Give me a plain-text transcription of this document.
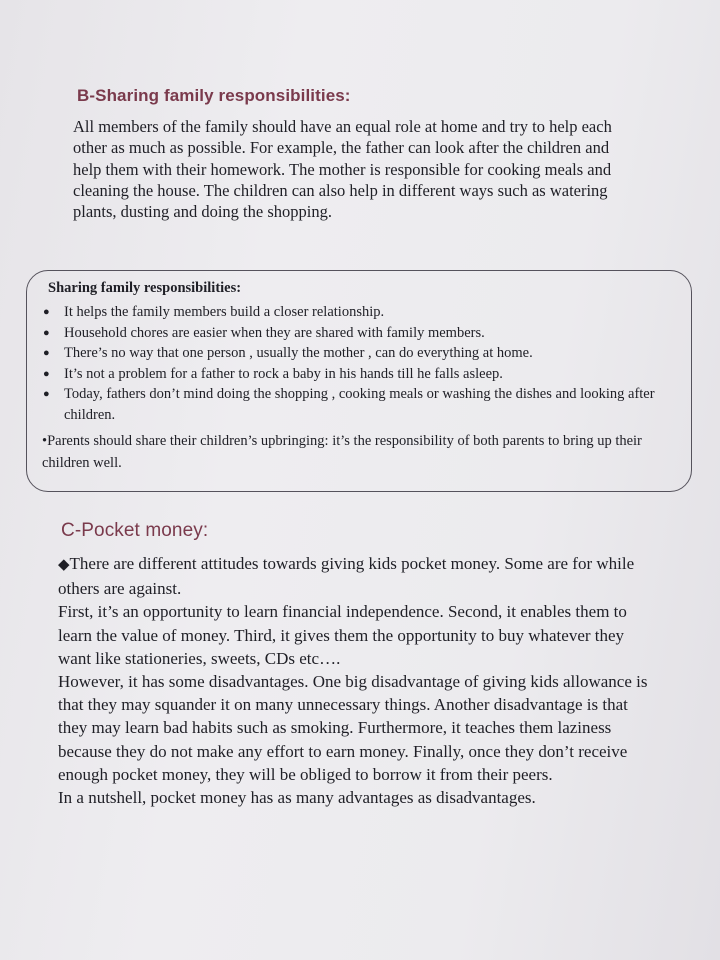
B-Sharing family responsibilities:

All members of the family should have an equal role at home and try to help each other as much as possible. For example, the father can look after the children and help them with their homework. The mother is responsible for cooking meals and cleaning the house. The children can also help in different ways such as watering plants, dusting and doing the shopping.

Sharing family responsibilities:
● It helps the family members build a closer relationship.
● Household chores are easier when they are shared with family members.
● There’s no way that one person , usually the mother , can do everything at home.
● It’s not a problem for a father to rock a baby in his hands till he falls asleep.
● Today, fathers don’t mind doing the shopping , cooking meals or washing the dishes and looking after children.
•Parents should share their children’s upbringing: it’s the responsibility of both parents to bring up their children well.
C-Pocket money:
◆There are different attitudes towards giving kids pocket money. Some are for while others are against.
First, it’s an opportunity to learn financial independence. Second, it enables them to learn the value of money. Third, it gives them the opportunity to buy whatever they want like stationeries, sweets, CDs etc….
However, it has some disadvantages. One big disadvantage of giving kids allowance is that they may squander it on many unnecessary things. Another disadvantage is that they may learn bad habits such as smoking. Furthermore, it teaches them laziness because they do not make any effort to earn money. Finally, once they don’t receive enough pocket money, they will be obliged to borrow it from their peers.
In a nutshell, pocket money has as many advantages as disadvantages.
